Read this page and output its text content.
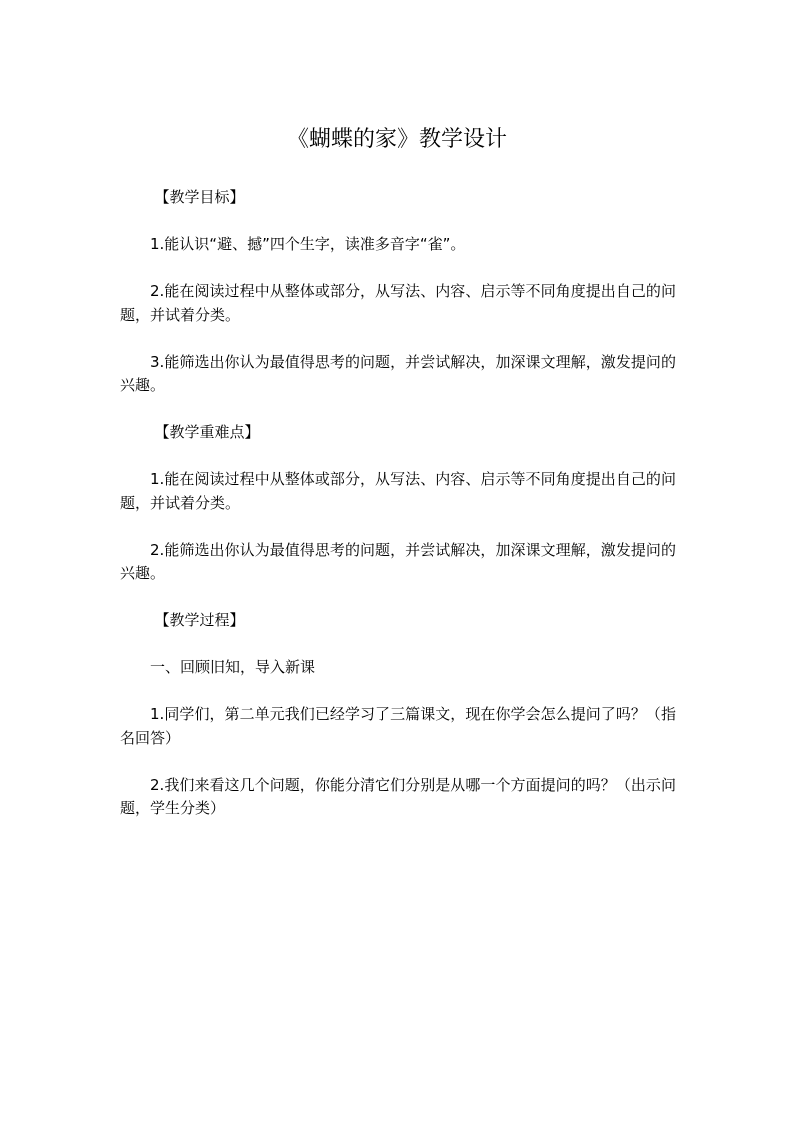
《蝴蝶的家》教学设计

【教学目标】

1.能认识“避、撼”四个生字，读准多音字“雀”。

2.能在阅读过程中从整体或部分，从写法、内容、启示等不同角度提出自己的问题，并试着分类。

3.能筛选出你认为最值得思考的问题，并尝试解决，加深课文理解，激发提问的兴趣。

【教学重难点】

1.能在阅读过程中从整体或部分，从写法、内容、启示等不同角度提出自己的问题，并试着分类。

2.能筛选出你认为最值得思考的问题，并尝试解决，加深课文理解，激发提问的兴趣。

【教学过程】

一、回顾旧知，导入新课

1.同学们，第二单元我们已经学习了三篇课文，现在你学会怎么提问了吗？（指名回答）

2.我们来看这几个问题，你能分清它们分别是从哪一个方面提问的吗？（出示问题，学生分类）
